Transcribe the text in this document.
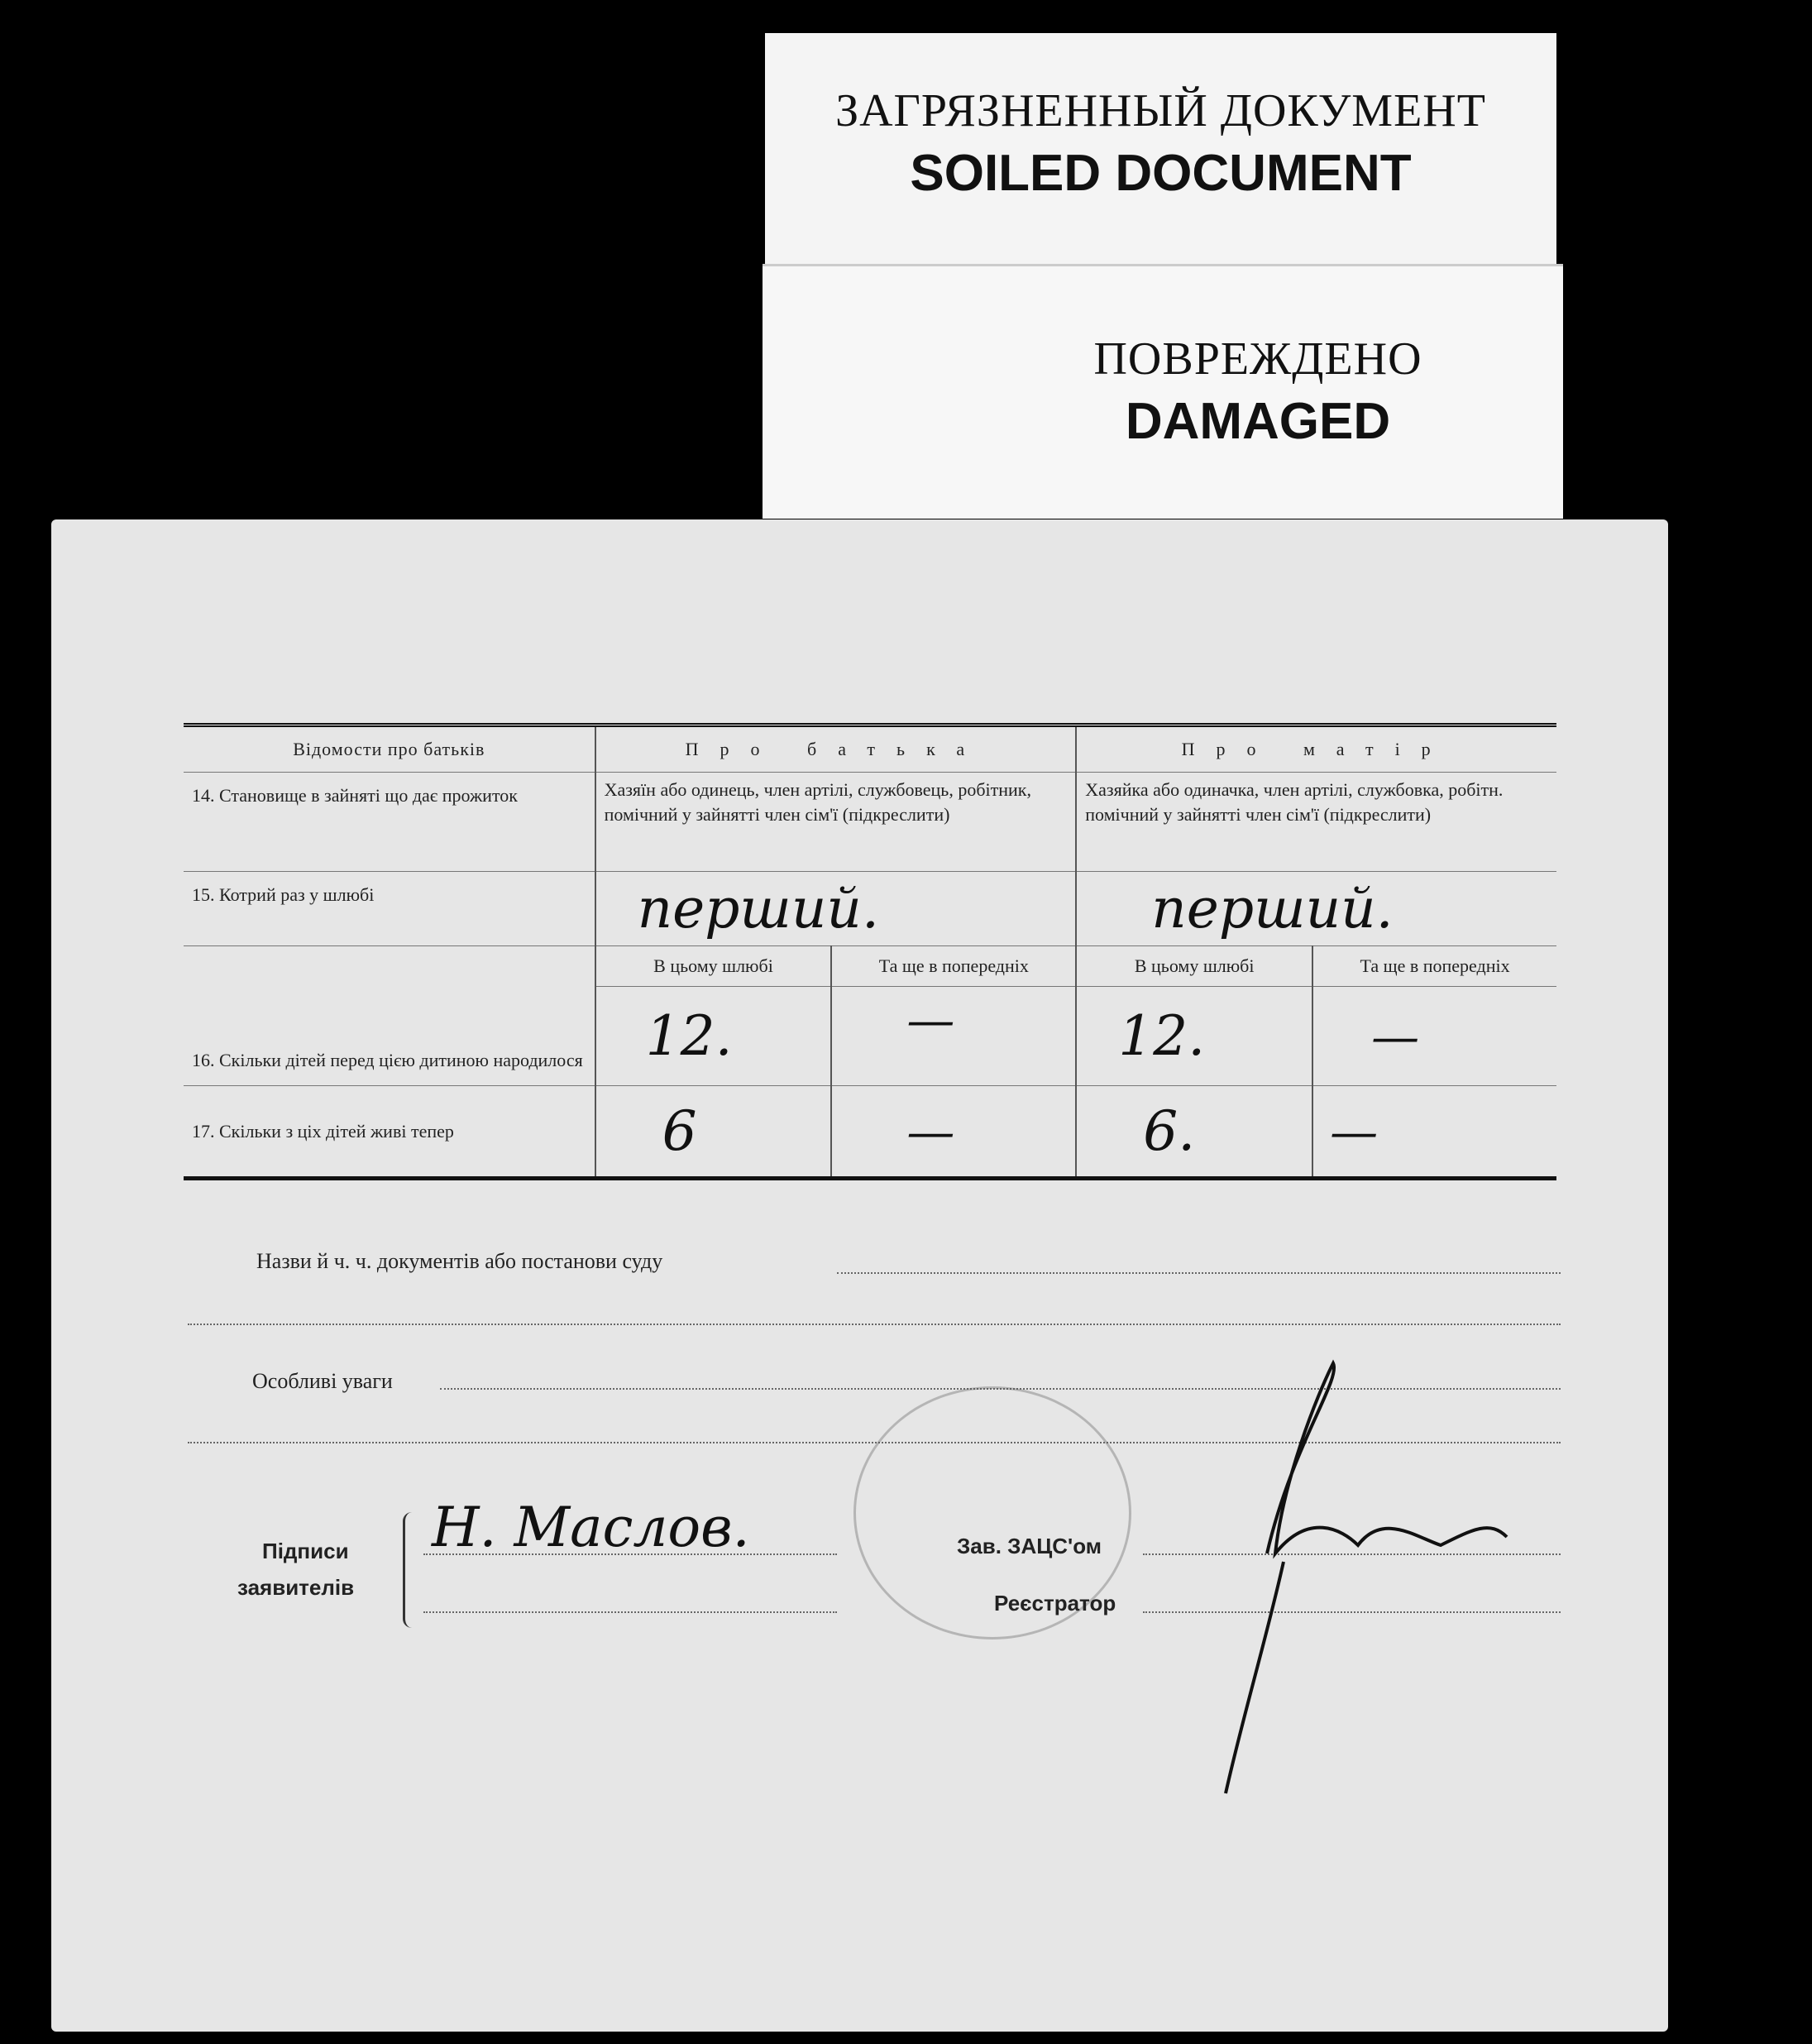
ЗАГРЯЗНЕННЫЙ ДОКУМЕНТ
SOILED DOCUMENT
ПОВРЕЖДЕНО
DAMAGED
Відомости про батьків	Про батька		Про матір	
14. Становище в зайняті що дає прожиток	Хазяїн або одинець, член артілі, службовець, робітник, помічний у зайнятті член сім'ї (підкреслити)		Хазяйка або одиначка, член артілі, службовка, робітн. помічний у зайнятті член сім'ї (підкреслити)	
15. Котрий раз у шлюбі	перший.		перший.	
16. Скільки дітей перед цією дитиною народилося	В цьому шлюбі	Та ще в попередніх	В цьому шлюбі	Та ще в попередніх
	12.	—	12.	—
17. Скільки з ціх дітей живі тепер	6	—	6.	—
Назви й ч. ч. документів або постанови суду
Особливі уваги
Підписи
заявителів
Н. Маслов.	Зав. ЗАЦС'ом
Реєстратор
